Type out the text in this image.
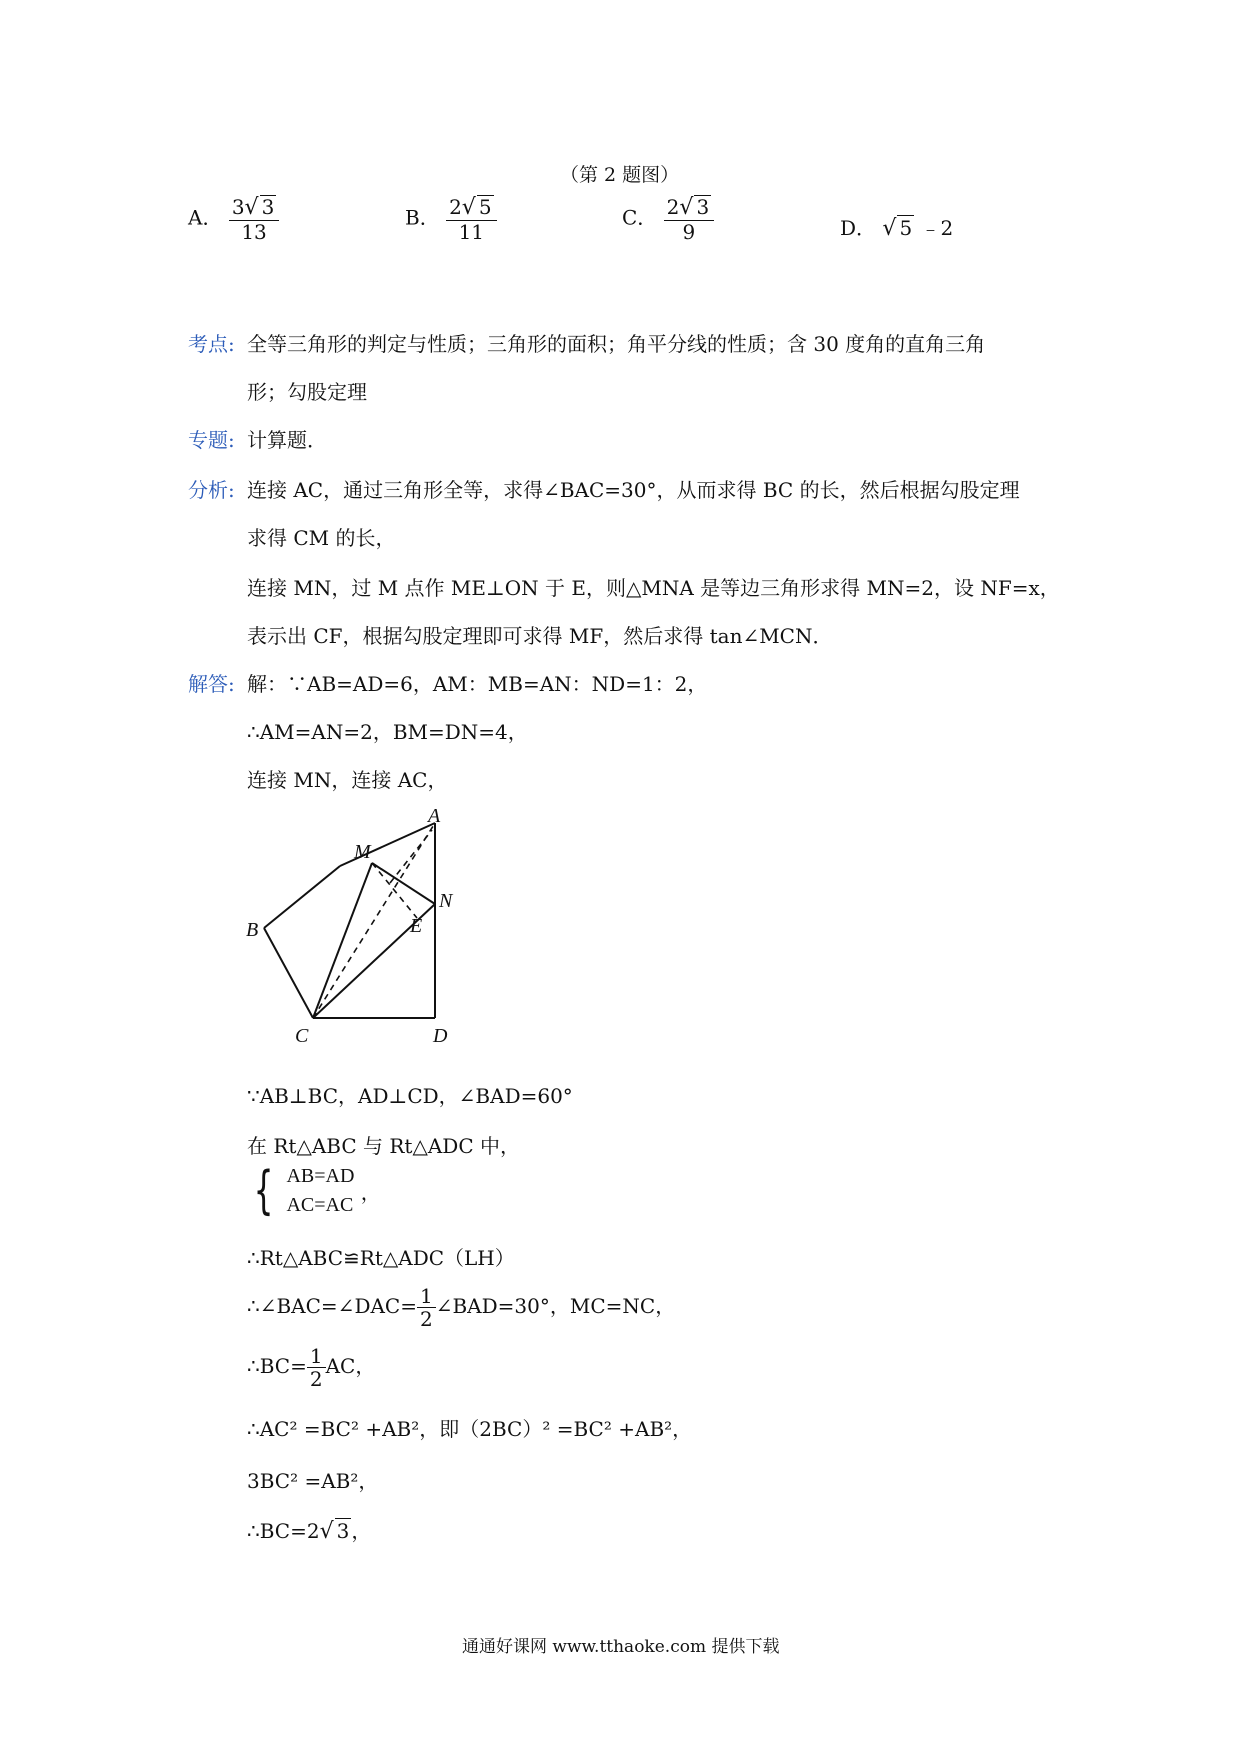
（第 2 题图）
A． $\frac{3√ 3}{13}$	B． $\frac{2√ 5}{11}$	C． $\frac{2√ 3}{9}$	D． √ 5 ﹣2
考点: 全等三角形的判定与性质；三角形的面积；角平分线的性质；含 30 度角的直角三角
形；勾股定理
专题: 计算题．
分析: 连接 AC，通过三角形全等，求得∠BAC=30°，从而求得 BC 的长，然后根据勾股定理
求得 CM 的长，
连接 MN，过 M 点作 ME⊥ON 于 E，则△MNA 是等边三角形求得 MN=2，设 NF=x，
表示出 CF，根据勾股定理即可求得 MF，然后求得 tan∠MCN．
解答: 解：∵AB=AD=6，AM：MB=AN：ND=1：2，
∴AM=AN=2，BM=DN=4，
连接 MN，连接 AC，
A
M
N
B	E
C	D
∵AB⊥BC，AD⊥CD，∠BAD=60°
在 Rt△ABC 与 Rt△ADC 中，
{ AB=AD
AC=AC
，
∴Rt△ABC≌Rt△ADC（LH）
∴∠BAC=∠DAC= $\frac{1}{2}$ ∠BAD=30°，MC=NC，
∴BC= $\frac{1}{2}$ AC，
∴AC² =BC² +AB²，即（2BC）² =BC² +AB²，
3BC² =AB²，
∴BC=2√ 3 ，
通通好课网 www.tthaoke.com 提供下载
